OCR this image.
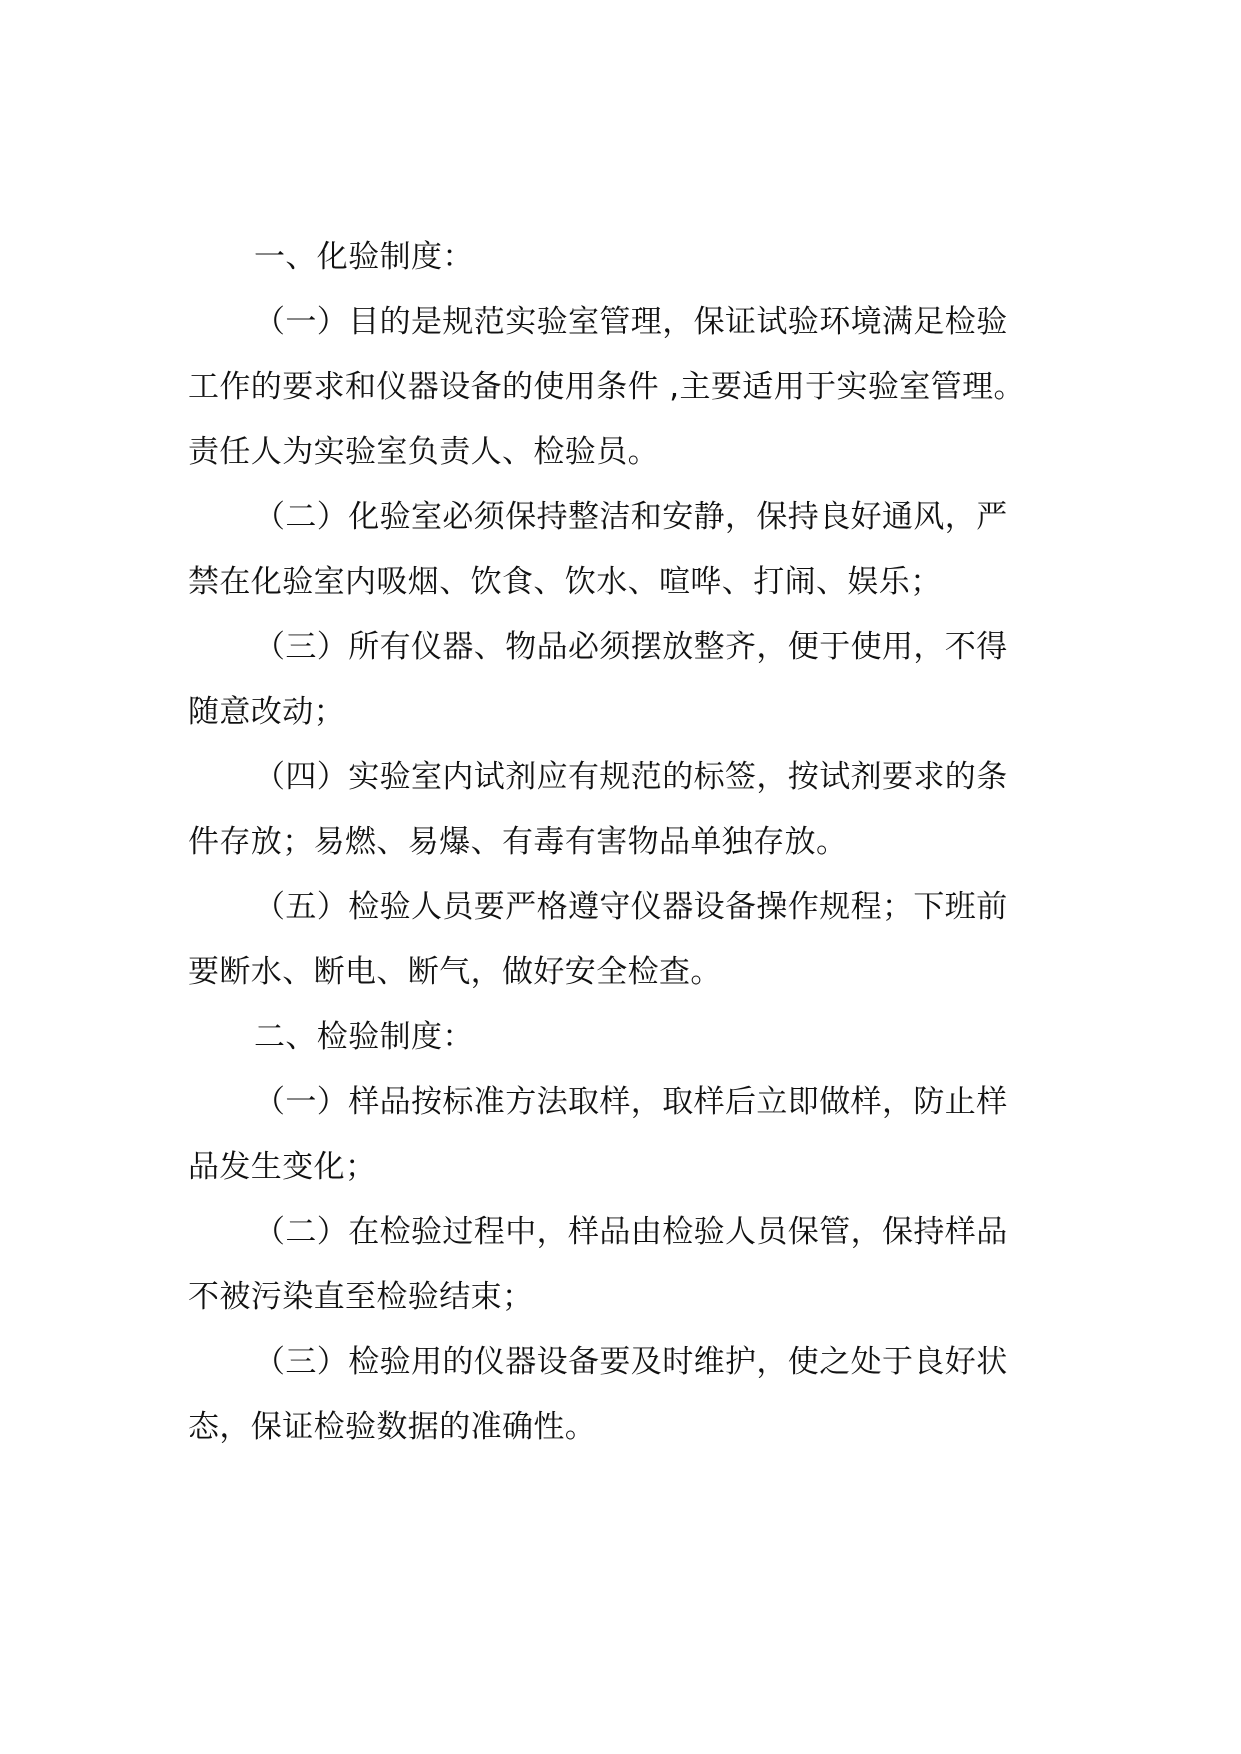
一、化验制度：
（一）目的是规范实验室管理，保证试验环境满足检验
工作的要求和仪器设备的使用条件 ,主要适用于实验室管理。
责任人为实验室负责人、检验员。
（二）化验室必须保持整洁和安静，保持良好通风，严
禁在化验室内吸烟、饮食、饮水、喧哗、打闹、娱乐；
（三）所有仪器、物品必须摆放整齐，便于使用，不得
随意改动；
（四）实验室内试剂应有规范的标签，按试剂要求的条
件存放；易燃、易爆、有毒有害物品单独存放。
（五）检验人员要严格遵守仪器设备操作规程；下班前
要断水、断电、断气，做好安全检查。
二、检验制度：
（一）样品按标准方法取样，取样后立即做样，防止样
品发生变化；
（二）在检验过程中，样品由检验人员保管，保持样品
不被污染直至检验结束；
（三）检验用的仪器设备要及时维护，使之处于良好状
态，保证检验数据的准确性。
